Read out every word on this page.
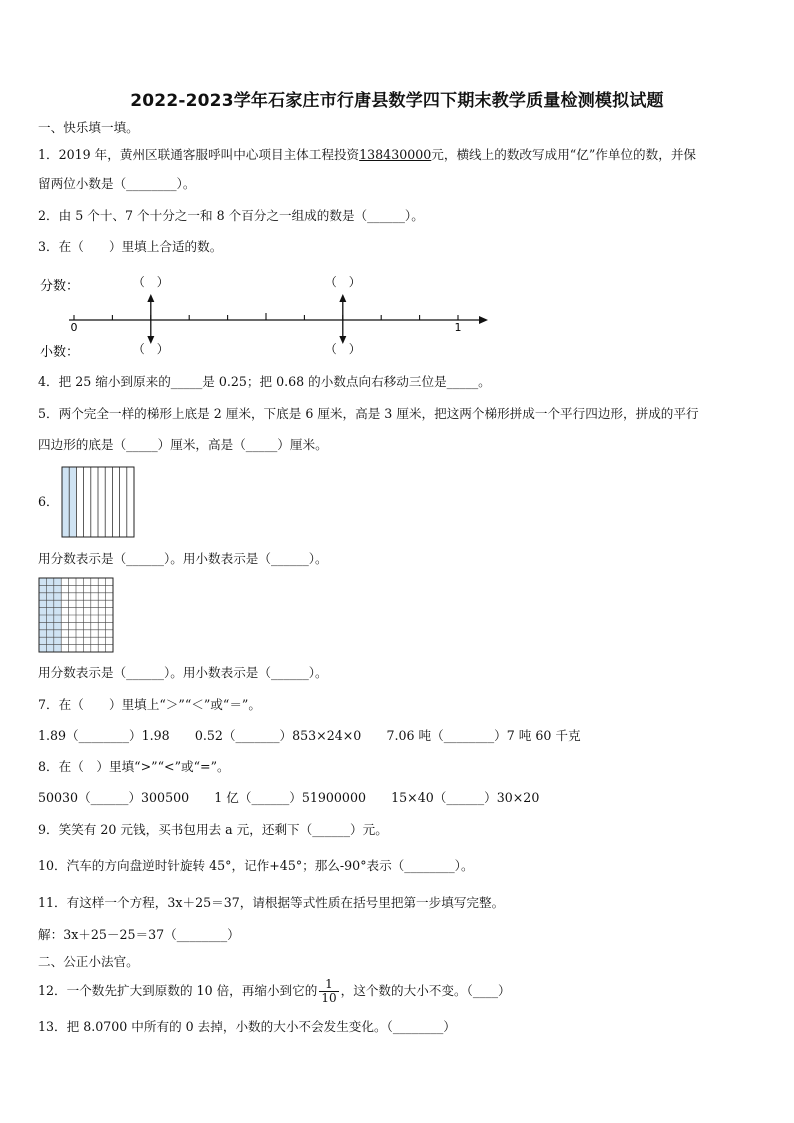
2022-2023学年石家庄市行唐县数学四下期末教学质量检测模拟试题
一、快乐填一填。
1．2019 年，黄州区联通客服呼叫中心项目主体工程投资138430000元，横线上的数改写成用“亿”作单位的数，并保
留两位小数是（________）。
2．由 5 个十、7 个十分之一和 8 个百分之一组成的数是（______）。
3．在（　　）里填上合适的数。
分数：
小数：
0	1
（　）
（　）
（　）
（　）
4．把 25 缩小到原来的_____是 0.25；把 0.68 的小数点向右移动三位是_____。
5．两个完全一样的梯形上底是 2 厘米，下底是 6 厘米，高是 3 厘米，把这两个梯形拼成一个平行四边形，拼成的平行
四边形的底是（_____）厘米，高是（_____）厘米。
6．
用分数表示是（______）。用小数表示是（______）。
用分数表示是（______）。用小数表示是（______）。
7．在（　　）里填上“＞”“＜”或“＝”。
1.89（________）1.98　　0.52（_______）853×24×0　　7.06 吨（________）7 吨 60 千克
8．在（　）里填“>”“<”或“=”。
50030（______）300500　　1 亿（______）51900000　　15×40（______）30×20
9．笑笑有 20 元钱，买书包用去 a 元，还剩下（______）元。
10．汽车的方向盘逆时针旋转 45°，记作+45°；那么-90°表示（________）。
11．有这样一个方程，3x＋25＝37，请根据等式性质在括号里把第一步填写完整。
解：3x＋25－25＝37（________）
二、公正小法官。
12．一个数先扩大到原数的 10 倍，再缩小到它的 $\frac{1}{10}$ ，这个数的大小不变。（____）
13．把 8.0700 中所有的 0 去掉，小数的大小不会发生变化。（________）
